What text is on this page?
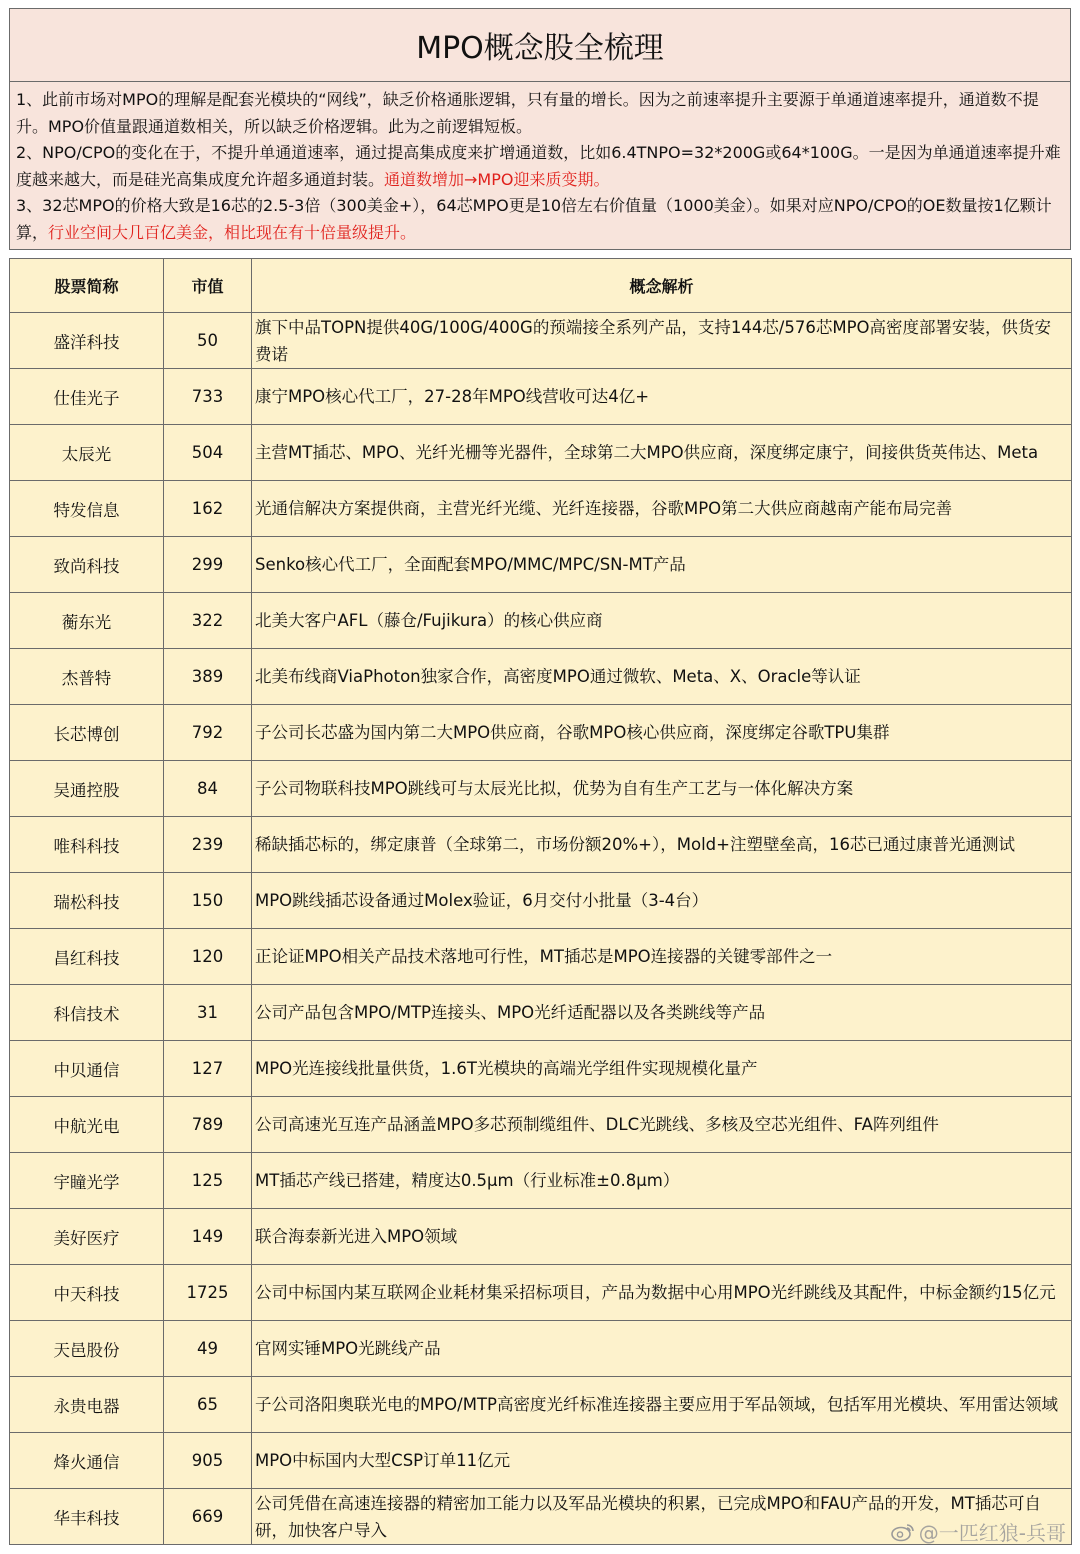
MPO概念股全梳理

1、此前市场对MPO的理解是配套光模块的“网线”，缺乏价格通胀逻辑，只有量的增长。因为之前速率提升主要源于单通道速率提升，通道数不提升。MPO价值量跟通道数相关，所以缺乏价格逻辑。此为之前逻辑短板。

2、NPO/CPO的变化在于，不提升单通道速率，通过提高集成度来扩增通道数，比如6.4TNPO=32*200G或64*100G。一是因为单通道速率提升难度越来越大，而是硅光高集成度允许超多通道封装。通道数增加→MPO迎来质变期。

3、32芯MPO的价格大致是16芯的2.5-3倍（300美金+），64芯MPO更是10倍左右价值量（1000美金）。如果对应NPO/CPO的OE数量按1亿颗计算，行业空间大几百亿美金，相比现在有十倍量级提升。

股票简称	市值	概念解析
盛洋科技	50	旗下中品TOPN提供40G/100G/400G的预端接全系列产品，支持144芯/576芯MPO高密度部署安装，供货安费诺
仕佳光子	733	康宁MPO核心代工厂，27-28年MPO线营收可达4亿+
太辰光	504	主营MT插芯、MPO、光纤光栅等光器件，全球第二大MPO供应商，深度绑定康宁，间接供货英伟达、Meta
特发信息	162	光通信解决方案提供商，主营光纤光缆、光纤连接器，谷歌MPO第二大供应商越南产能布局完善
致尚科技	299	Senko核心代工厂，全面配套MPO/MMC/MPC/SN-MT产品
蘅东光	322	北美大客户AFL（藤仓/Fujikura）的核心供应商
杰普特	389	北美布线商ViaPhoton独家合作，高密度MPO通过微软、Meta、X、Oracle等认证
长芯博创	792	子公司长芯盛为国内第二大MPO供应商，谷歌MPO核心供应商，深度绑定谷歌TPU集群
吴通控股	84	子公司物联科技MPO跳线可与太辰光比拟，优势为自有生产工艺与一体化解决方案
唯科科技	239	稀缺插芯标的，绑定康普（全球第二，市场份额20%+），Mold+注塑壁垒高，16芯已通过康普光通测试
瑞松科技	150	MPO跳线插芯设备通过Molex验证，6月交付小批量（3-4台）
昌红科技	120	正论证MPO相关产品技术落地可行性，MT插芯是MPO连接器的关键零部件之一
科信技术	31	公司产品包含MPO/MTP连接头、MPO光纤适配器以及各类跳线等产品
中贝通信	127	MPO光连接线批量供货，1.6T光模块的高端光学组件实现规模化量产
中航光电	789	公司高速光互连产品涵盖MPO多芯预制缆组件、DLC光跳线、多核及空芯光组件、FA阵列组件
宇瞳光学	125	MT插芯产线已搭建，精度达0.5μm（行业标准±0.8μm）
美好医疗	149	联合海泰新光进入MPO领域
中天科技	1725	公司中标国内某互联网企业耗材集采招标项目，产品为数据中心用MPO光纤跳线及其配件，中标金额约15亿元
天邑股份	49	官网实锤MPO光跳线产品
永贵电器	65	子公司洛阳奥联光电的MPO/MTP高密度光纤标准连接器主要应用于军品领域，包括军用光模块、军用雷达领域
烽火通信	905	MPO中标国内大型CSP订单11亿元
华丰科技	669	公司凭借在高速连接器的精密加工能力以及军品光模块的积累，已完成MPO和FAU产品的开发，MT插芯可自研，加快客户导入	@一匹红狼-兵哥
